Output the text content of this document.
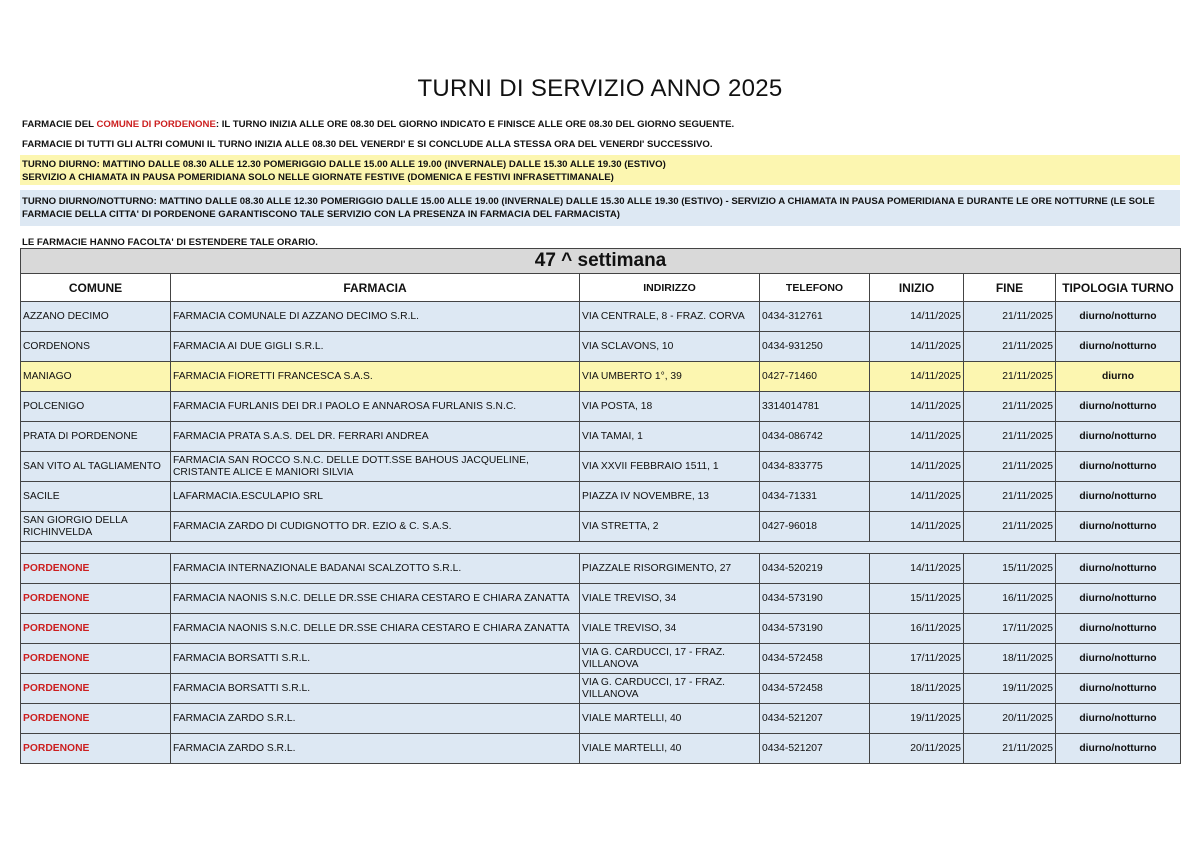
TURNI DI SERVIZIO ANNO 2025
FARMACIE DEL COMUNE DI PORDENONE: IL TURNO INIZIA ALLE ORE 08.30 DEL GIORNO INDICATO E FINISCE ALLE ORE 08.30 DEL GIORNO SEGUENTE.
FARMACIE DI TUTTI GLI ALTRI COMUNI IL TURNO INIZIA ALLE 08.30 DEL VENERDI' E SI CONCLUDE ALLA STESSA ORA DEL VENERDI' SUCCESSIVO.
TURNO DIURNO: MATTINO DALLE 08.30 ALLE 12.30 POMERIGGIO DALLE 15.00 ALLE 19.00 (INVERNALE) DALLE 15.30 ALLE 19.30 (ESTIVO)
SERVIZIO A CHIAMATA IN PAUSA POMERIDIANA SOLO NELLE GIORNATE FESTIVE (DOMENICA E FESTIVI INFRASETTIMANALE)
TURNO DIURNO/NOTTURNO: MATTINO DALLE 08.30 ALLE 12.30 POMERIGGIO DALLE 15.00 ALLE 19.00 (INVERNALE) DALLE 15.30 ALLE 19.30 (ESTIVO) - SERVIZIO A CHIAMATA IN PAUSA POMERIDIANA E DURANTE LE ORE NOTTURNE (LE SOLE FARMACIE DELLA CITTA' DI PORDENONE GARANTISCONO TALE SERVIZIO CON LA PRESENZA IN FARMACIA DEL FARMACISTA)
LE FARMACIE HANNO FACOLTA' DI ESTENDERE TALE ORARIO.
47 ^ settimana						
COMUNE	FARMACIA	INDIRIZZO	TELEFONO	INIZIO	FINE	TIPOLOGIA TURNO
AZZANO DECIMO	FARMACIA COMUNALE DI AZZANO DECIMO S.R.L.	VIA CENTRALE, 8 - FRAZ. CORVA	0434-312761	14/11/2025	21/11/2025	diurno/notturno
CORDENONS	FARMACIA AI DUE GIGLI S.R.L.	VIA SCLAVONS, 10	0434-931250	14/11/2025	21/11/2025	diurno/notturno
MANIAGO	FARMACIA FIORETTI FRANCESCA S.A.S.	VIA UMBERTO 1°, 39	0427-71460	14/11/2025	21/11/2025	diurno
POLCENIGO	FARMACIA FURLANIS DEI DR.I PAOLO E ANNAROSA FURLANIS S.N.C.	VIA POSTA, 18	3314014781	14/11/2025	21/11/2025	diurno/notturno
PRATA DI PORDENONE	FARMACIA PRATA S.A.S. DEL DR. FERRARI ANDREA	VIA TAMAI, 1	0434-086742	14/11/2025	21/11/2025	diurno/notturno
SAN VITO AL TAGLIAMENTO	FARMACIA SAN ROCCO S.N.C. DELLE DOTT.SSE BAHOUS JACQUELINE, CRISTANTE ALICE E MANIORI SILVIA	VIA XXVII FEBBRAIO 1511, 1	0434-833775	14/11/2025	21/11/2025	diurno/notturno
SACILE	LAFARMACIA.ESCULAPIO SRL	PIAZZA IV NOVEMBRE, 13	0434-71331	14/11/2025	21/11/2025	diurno/notturno
SAN GIORGIO DELLA RICHINVELDA	FARMACIA ZARDO DI CUDIGNOTTO DR. EZIO & C. S.A.S.	VIA STRETTA, 2	0427-96018	14/11/2025	21/11/2025	diurno/notturno

PORDENONE	FARMACIA INTERNAZIONALE BADANAI SCALZOTTO S.R.L.	PIAZZALE RISORGIMENTO, 27	0434-520219	14/11/2025	15/11/2025	diurno/notturno
PORDENONE	FARMACIA NAONIS S.N.C. DELLE DR.SSE CHIARA CESTARO E CHIARA ZANATTA	VIALE TREVISO, 34	0434-573190	15/11/2025	16/11/2025	diurno/notturno
PORDENONE	FARMACIA NAONIS S.N.C. DELLE DR.SSE CHIARA CESTARO E CHIARA ZANATTA	VIALE TREVISO, 34	0434-573190	16/11/2025	17/11/2025	diurno/notturno
PORDENONE	FARMACIA BORSATTI S.R.L.	VIA G. CARDUCCI, 17 - FRAZ. VILLANOVA	0434-572458	17/11/2025	18/11/2025	diurno/notturno
PORDENONE	FARMACIA BORSATTI S.R.L.	VIA G. CARDUCCI, 17 - FRAZ. VILLANOVA	0434-572458	18/11/2025	19/11/2025	diurno/notturno
PORDENONE	FARMACIA ZARDO S.R.L.	VIALE MARTELLI, 40	0434-521207	19/11/2025	20/11/2025	diurno/notturno
PORDENONE	FARMACIA ZARDO S.R.L.	VIALE MARTELLI, 40	0434-521207	20/11/2025	21/11/2025	diurno/notturno
